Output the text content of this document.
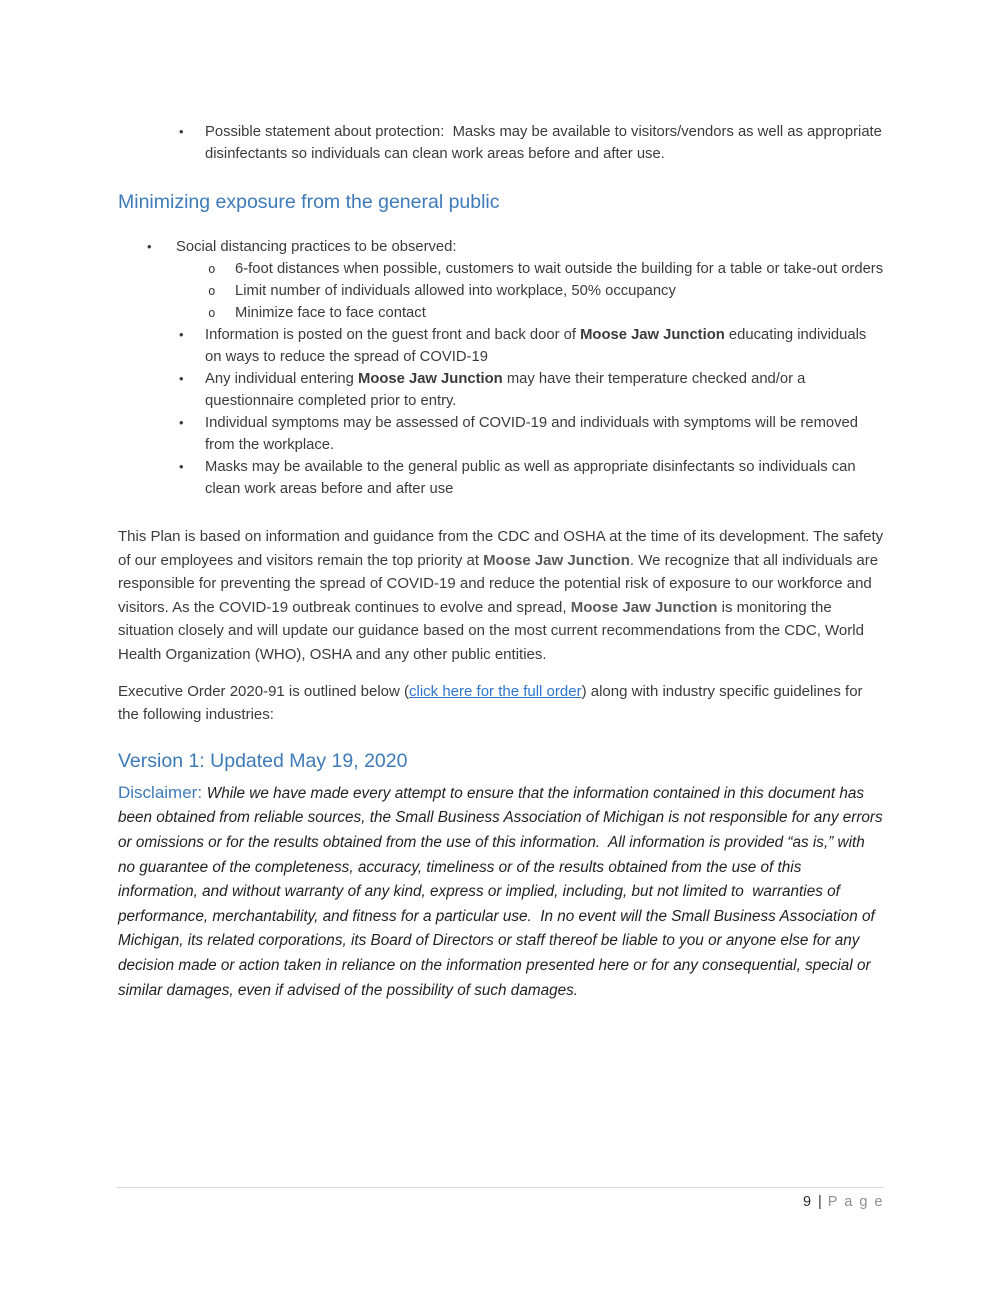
• Possible statement about protection:  Masks may be available to visitors/vendors as well as appropriate disinfectants so individuals can clean work areas before and after use.
Minimizing exposure from the general public
• Social distancing practices to be observed:
o 6-foot distances when possible, customers to wait outside the building for a table or take-out orders
o Limit number of individuals allowed into workplace, 50% occupancy
o Minimize face to face contact
• Information is posted on the guest front and back door of Moose Jaw Junction educating individuals on ways to reduce the spread of COVID-19
• Any individual entering Moose Jaw Junction may have their temperature checked and/or a questionnaire completed prior to entry.
• Individual symptoms may be assessed of COVID-19 and individuals with symptoms will be removed from the workplace.
• Masks may be available to the general public as well as appropriate disinfectants so individuals can clean work areas before and after use

This Plan is based on information and guidance from the CDC and OSHA at the time of its development. The safety of our employees and visitors remain the top priority at Moose Jaw Junction. We recognize that all individuals are responsible for preventing the spread of COVID-19 and reduce the potential risk of exposure to our workforce and visitors. As the COVID-19 outbreak continues to evolve and spread, Moose Jaw Junction is monitoring the situation closely and will update our guidance based on the most current recommendations from the CDC, World Health Organization (WHO), OSHA and any other public entities.

Executive Order 2020-91 is outlined below (click here for the full order) along with industry specific guidelines for the following industries:

Version 1: Updated May 19, 2020

Disclaimer: While we have made every attempt to ensure that the information contained in this document has been obtained from reliable sources, the Small Business Association of Michigan is not responsible for any errors or omissions or for the results obtained from the use of this information.  All information is provided “as is,” with no guarantee of the completeness, accuracy, timeliness or of the results obtained from the use of this information, and without warranty of any kind, express or implied, including, but not limited to  warranties of performance, merchantability, and fitness for a particular use.  In no event will the Small Business Association of Michigan, its related corporations, its Board of Directors or staff thereof be liable to you or anyone else for any decision made or action taken in reliance on the information presented here or for any consequential, special or similar damages, even if advised of the possibility of such damages.

9 | P a g e
